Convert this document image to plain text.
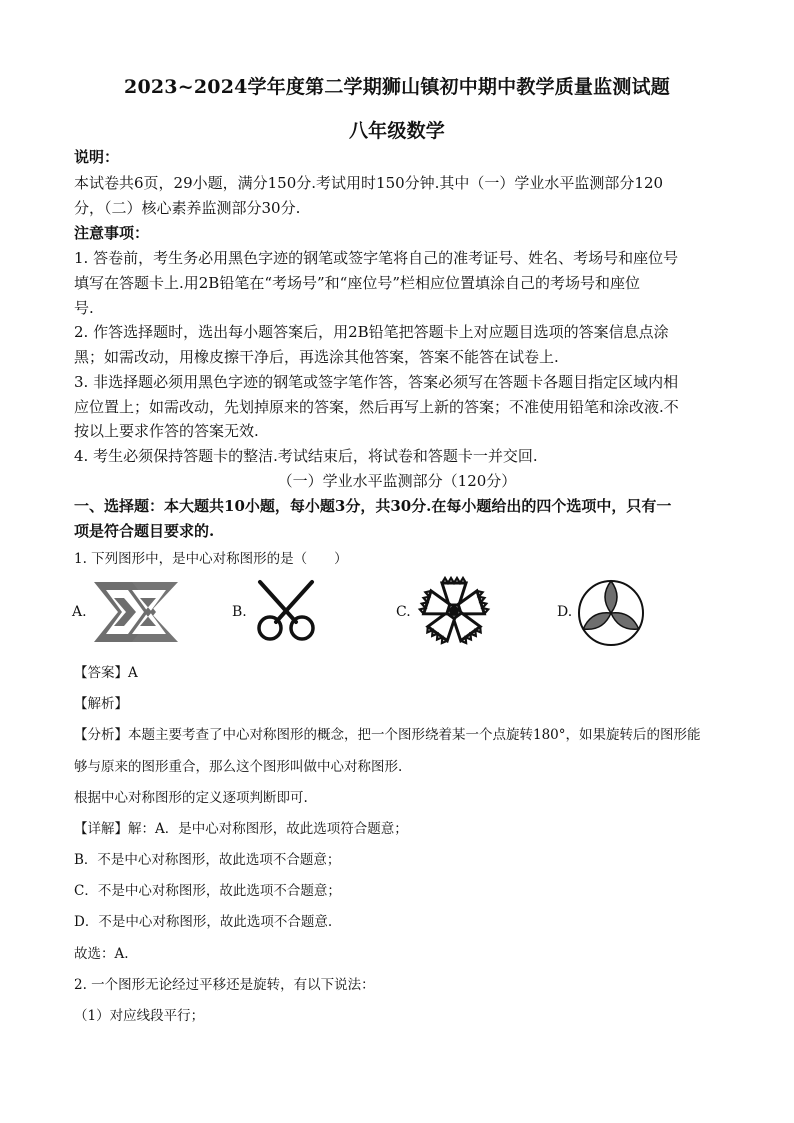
2023~2024学年度第二学期狮山镇初中期中教学质量监测试题
八年级数学
说明：
本试卷共6页，29小题，满分150分.考试用时150分钟.其中（一）学业水平监测部分120
分，（二）核心素养监测部分30分.
注意事项：
1. 答卷前，考生务必用黑色字迹的钢笔或签字笔将自己的准考证号、姓名、考场号和座位号
填写在答题卡上.用2B铅笔在“考场号”和“座位号”栏相应位置填涂自己的考场号和座位
号.
2. 作答选择题时，选出每小题答案后，用2B铅笔把答题卡上对应题目选项的答案信息点涂
黑；如需改动，用橡皮擦干净后，再选涂其他答案，答案不能答在试卷上.
3. 非选择题必须用黑色字迹的钢笔或签字笔作答，答案必须写在答题卡各题目指定区域内相
应位置上；如需改动，先划掉原来的答案，然后再写上新的答案；不准使用铅笔和涂改液.不
按以上要求作答的答案无效.
4. 考生必须保持答题卡的整洁.考试结束后，将试卷和答题卡一并交回.
（一）学业水平监测部分（120分）
一、选择题：本大题共10小题，每小题3分，共30分.在每小题给出的四个选项中，只有一
项是符合题目要求的.
1. 下列图形中，是中心对称图形的是（　　）
A.	B.	C.	D.
【答案】A
【解析】
【分析】本题主要考查了中心对称图形的概念，把一个图形绕着某一个点旋转180°，如果旋转后的图形能
够与原来的图形重合，那么这个图形叫做中心对称图形.
根据中心对称图形的定义逐项判断即可.
【详解】解：A．是中心对称图形，故此选项符合题意；
B．不是中心对称图形，故此选项不合题意；
C．不是中心对称图形，故此选项不合题意；
D．不是中心对称图形，故此选项不合题意.
故选：A.
2. 一个图形无论经过平移还是旋转，有以下说法：
（1）对应线段平行；
